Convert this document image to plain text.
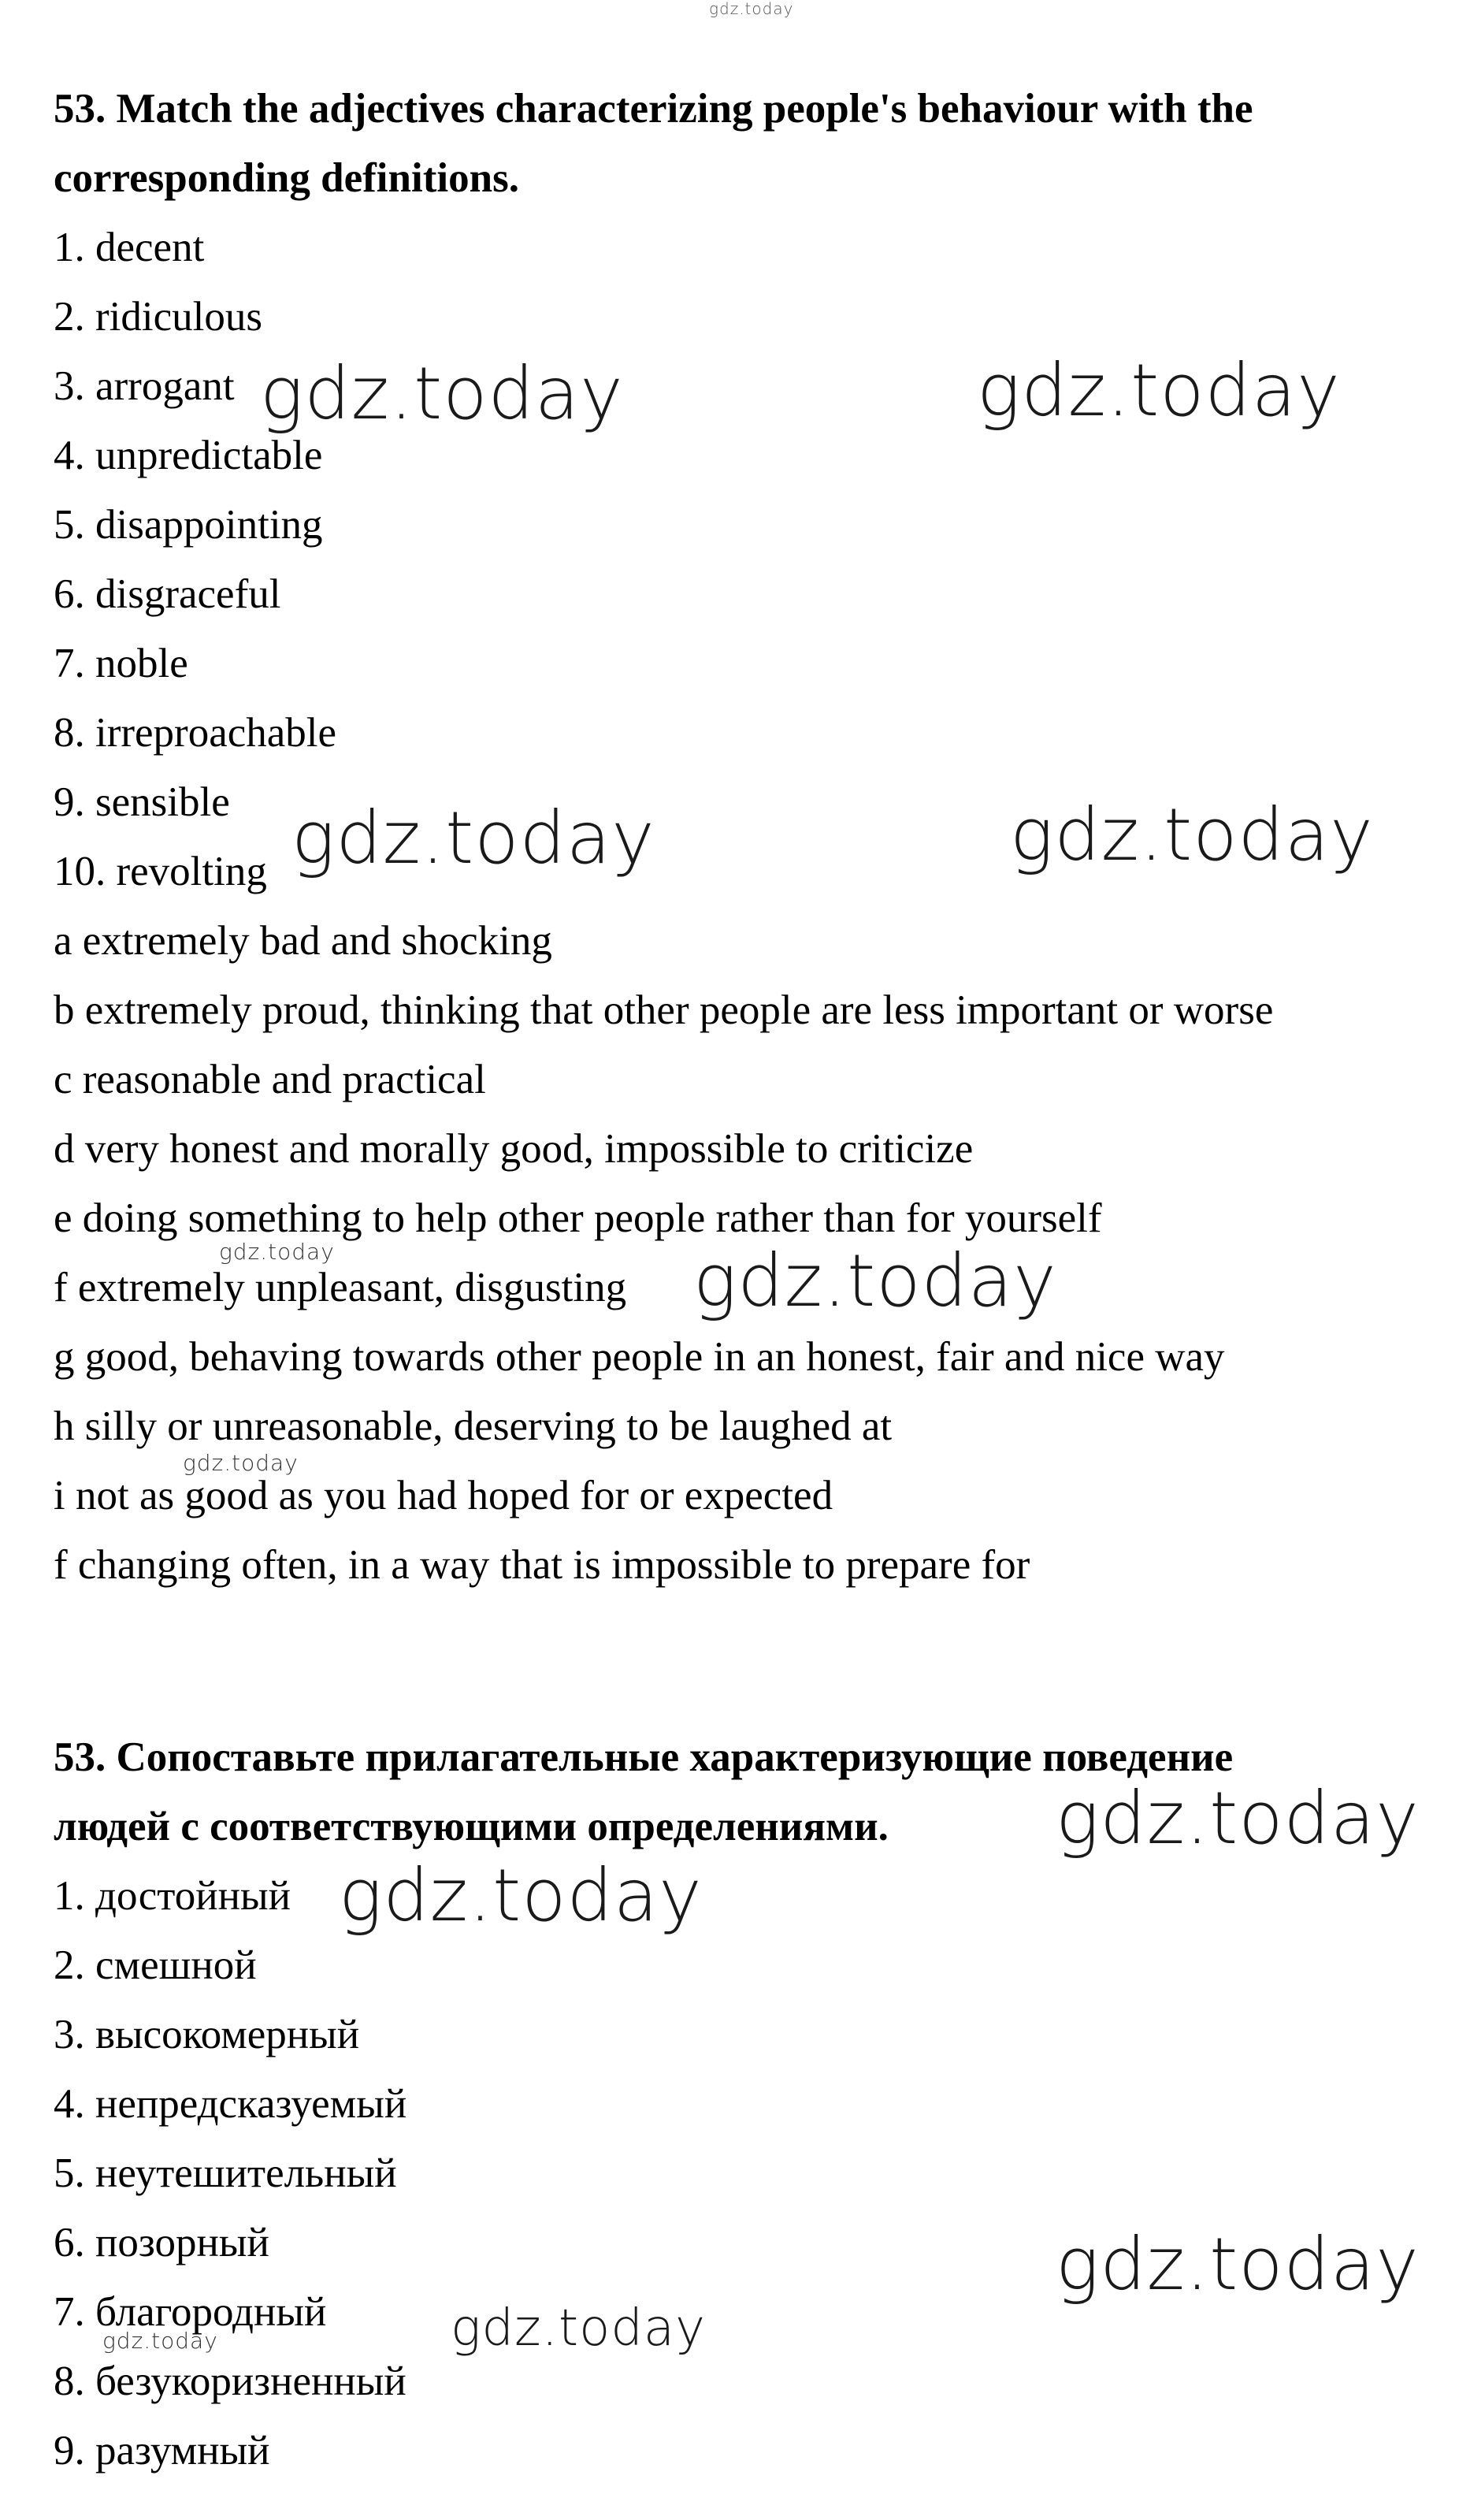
gdz.today
53. Match the adjectives characterizing people's behaviour with the
corresponding definitions.
1. decent
2. ridiculous
3. arrogant
4. unpredictable
5. disappointing
6. disgraceful
7. noble
8. irreproachable
9. sensible
10. revolting
a extremely bad and shocking
b extremely proud, thinking that other people are less important or worse
c reasonable and practical
d very honest and morally good, impossible to criticize
e doing something to help other people rather than for yourself
f extremely unpleasant, disgusting
g good, behaving towards other people in an honest, fair and nice way
h silly or unreasonable, deserving to be laughed at
i not as good as you had hoped for or expected
f changing often, in a way that is impossible to prepare for
53. Сопоставьте прилагательные характеризующие поведение
людей с соответствующими определениями.
1. достойный
2. смешной
3. высокомерный
4. непредсказуемый
5. неутешительный
6. позорный
7. благородный
8. безукоризненный
9. разумный
gdz.today	gdz.today
gdz.today	gdz.today
gdz.today	gdz.today
gdz.today
gdz.today
gdz.today
gdz.today
gdz.today
gdz.today
